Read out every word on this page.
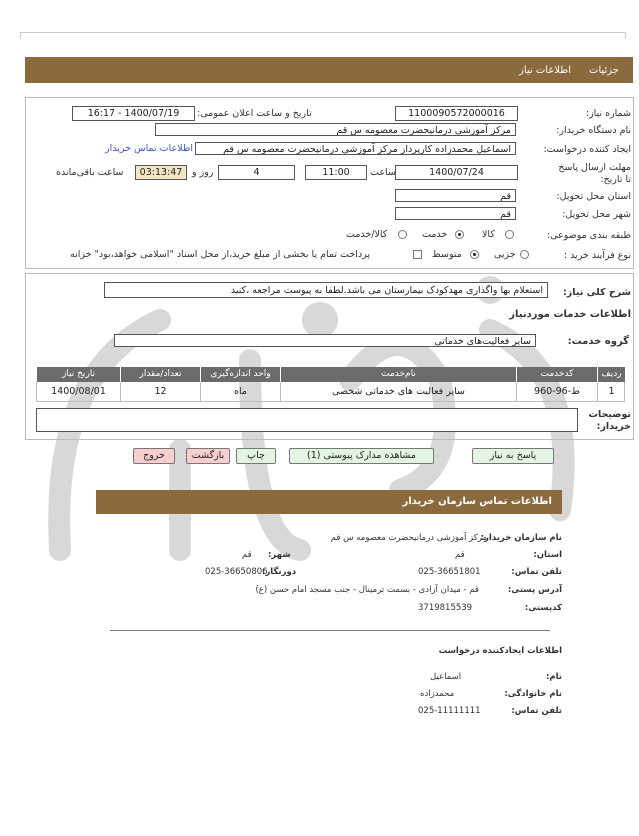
جزئیات
اطلاعات نیاز
شماره نیاز:
1100090572000016
تاریخ و ساعت اعلان عمومی:
1400/07/19 - 16:17
نام دستگاه خریدار:
مرکز آموزشی درمانیحضرت معصومه س قم
ایجاد کننده درخواست:
اسماعیل محمدزاده کارپرداز مرکز آموزشی درمانیحضرت معصومه س قم
اطلاعات تماس خریدار
مهلت ارسال پاسخ تا تاریخ:
1400/07/24
ساعت
11:00
4
روز و
03:13:47
ساعت باقی‌مانده
استان محل تحویل:
قم
شهر محل تحویل:
قم
طبقه بندی موضوعی:
کالا
خدمت
کالا/خدمت
نوع فرآیند خرید :
جزیی
متوسط
پرداخت تمام یا بخشی از مبلغ خرید،از محل اسناد "اسلامی خواهد،بود" خزانه
شرح کلی نیاز:
استعلام بها واگذاری مهدکودک بیمارستان می باشد.لطفا به پیوست مراجعه ،کنید
اطلاعات خدمات موردنیاز
گروه خدمت:
سایر فعالیت‌های خدماتی
ردیف
کدخدمت
نام‌خدمت
واحد اندازه‌گیری
تعداد/مقدار
تاریخ نیاز
1
ط-96-960
سایر فعالیت های خدماتی شخصی
ماه
12
1400/08/01
توضیحات خریدار:
پاسخ به نیاز
مشاهده مدارک پیوستی (1)
چاپ
بازگشت
خروج
اطلاعات تماس سازمان خریدار
نام سازمان خریدار:
مرکز آموزشی درمانیحضرت معصومه س قم
استان:
قم
شهر:
قم
تلفن تماس:
025-36651801
دورنگار:
025-36650806
آدرس پستی:
قم - میدان آزادی - بسمت ترمینال - جنب مسجد امام حسن (ع)
کدپستی:
3719815539
اطلاعات ایجادکننده درخواست
نام:
اسماعیل
نام خانوادگی:
محمدزاده
تلفن تماس:
025-11111111
